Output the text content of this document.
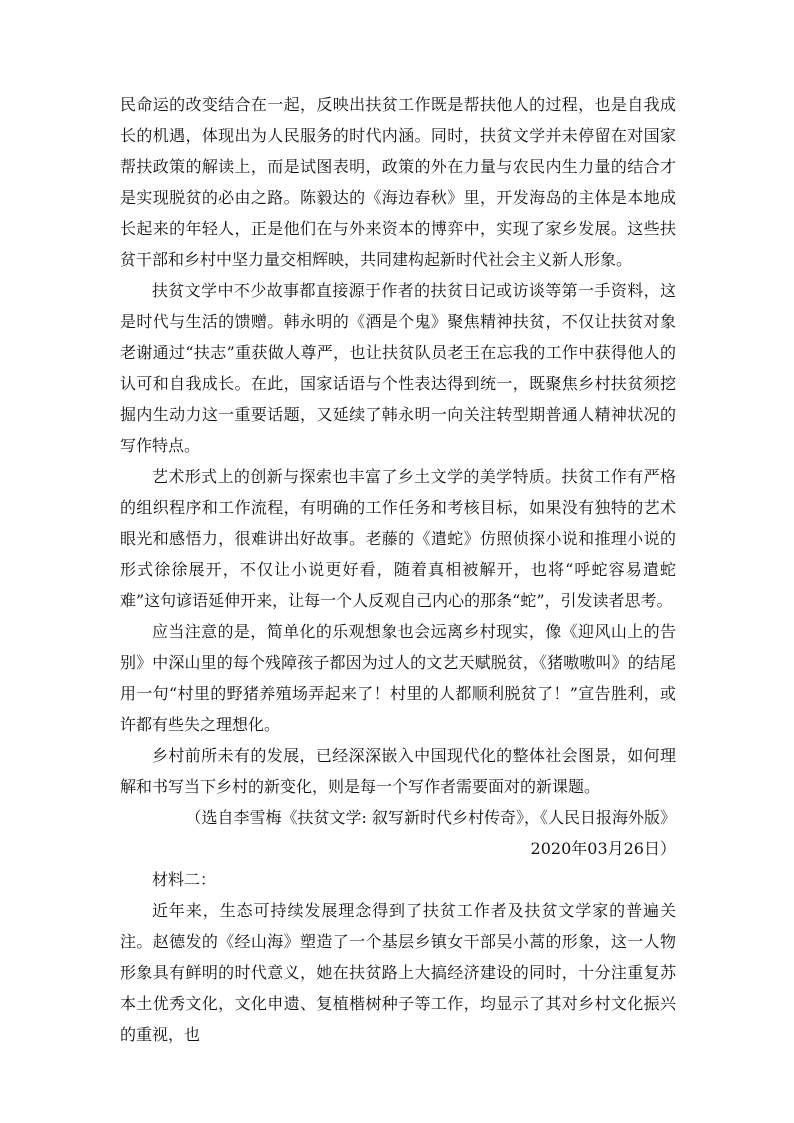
民命运的改变结合在一起，反映出扶贫工作既是帮扶他人的过程，也是自我成长的机遇，体现出为人民服务的时代内涵。同时，扶贫文学并未停留在对国家帮扶政策的解读上，而是试图表明，政策的外在力量与农民内生力量的结合才是实现脱贫的必由之路。陈毅达的《海边春秋》里，开发海岛的主体是本地成长起来的年轻人，正是他们在与外来资本的博弈中，实现了家乡发展。这些扶贫干部和乡村中坚力量交相辉映，共同建构起新时代社会主义新人形象。

扶贫文学中不少故事都直接源于作者的扶贫日记或访谈等第一手资料，这是时代与生活的馈赠。韩永明的《酒是个鬼》聚焦精神扶贫，不仅让扶贫对象老谢通过“扶志”重获做人尊严，也让扶贫队员老王在忘我的工作中获得他人的认可和自我成长。在此，国家话语与个性表达得到统一，既聚焦乡村扶贫须挖掘内生动力这一重要话题，又延续了韩永明一向关注转型期普通人精神状况的写作特点。

艺术形式上的创新与探索也丰富了乡土文学的美学特质。扶贫工作有严格的组织程序和工作流程，有明确的工作任务和考核目标，如果没有独特的艺术眼光和感悟力，很难讲出好故事。老藤的《遣蛇》仿照侦探小说和推理小说的形式徐徐展开，不仅让小说更好看，随着真相被解开，也将“呼蛇容易遣蛇难”这句谚语延伸开来，让每一个人反观自己内心的那条“蛇”，引发读者思考。

应当注意的是，简单化的乐观想象也会远离乡村现实，像《迎风山上的告别》中深山里的每个残障孩子都因为过人的文艺天赋脱贫，《猪嗷嗷叫》的结尾用一句“村里的野猪养殖场弄起来了！村里的人都顺利脱贫了！”宣告胜利，或许都有些失之理想化。

乡村前所未有的发展，已经深深嵌入中国现代化的整体社会图景，如何理解和书写当下乡村的新变化，则是每一个写作者需要面对的新课题。

（选自李雪梅《扶贫文学: 叙写新时代乡村传奇》，《人民日报海外版》2020年03月26日）

材料二：

近年来，生态可持续发展理念得到了扶贫工作者及扶贫文学家的普遍关注。赵德发的《经山海》塑造了一个基层乡镇女干部吴小蒿的形象，这一人物形象具有鲜明的时代意义，她在扶贫路上大搞经济建设的同时，十分注重复苏本土优秀文化，文化申遗、复植楷树种子等工作，均显示了其对乡村文化振兴的重视，也
